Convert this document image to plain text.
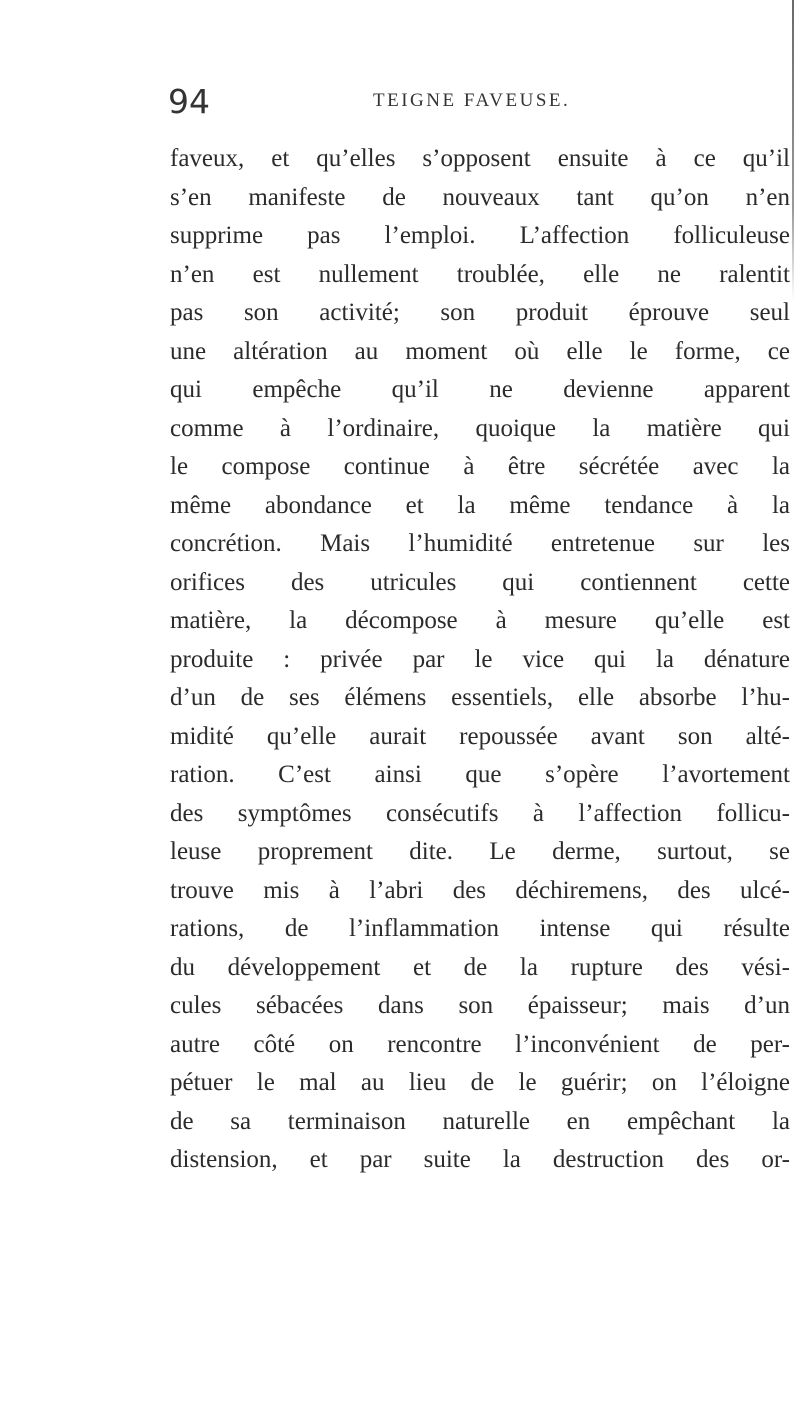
94	TEIGNE FAVEUSE.
faveux, et qu’elles s’opposent ensuite à ce qu’il
s’en manifeste de nouveaux tant qu’on n’en
supprime pas l’emploi. L’affection folliculeuse
n’en est nullement troublée, elle ne ralentit
pas son activité; son produit éprouve seul
une altération au moment où elle le forme, ce
qui empêche qu’il ne devienne apparent
comme à l’ordinaire, quoique la matière qui
le compose continue à être sécrétée avec la
même abondance et la même tendance à la
concrétion. Mais l’humidité entretenue sur les
orifices des utricules qui contiennent cette
matière, la décompose à mesure qu’elle est
produite : privée par le vice qui la dénature
d’un de ses élémens essentiels, elle absorbe l’hu-
midité qu’elle aurait repoussée avant son alté-
ration. C’est ainsi que s’opère l’avortement
des symptômes consécutifs à l’affection follicu-
leuse proprement dite. Le derme, surtout, se
trouve mis à l’abri des déchiremens, des ulcé-
rations, de l’inflammation intense qui résulte
du développement et de la rupture des vési-
cules sébacées dans son épaisseur; mais d’un
autre côté on rencontre l’inconvénient de per-
pétuer le mal au lieu de le guérir; on l’éloigne
de sa terminaison naturelle en empêchant la
distension, et par suite la destruction des or-
